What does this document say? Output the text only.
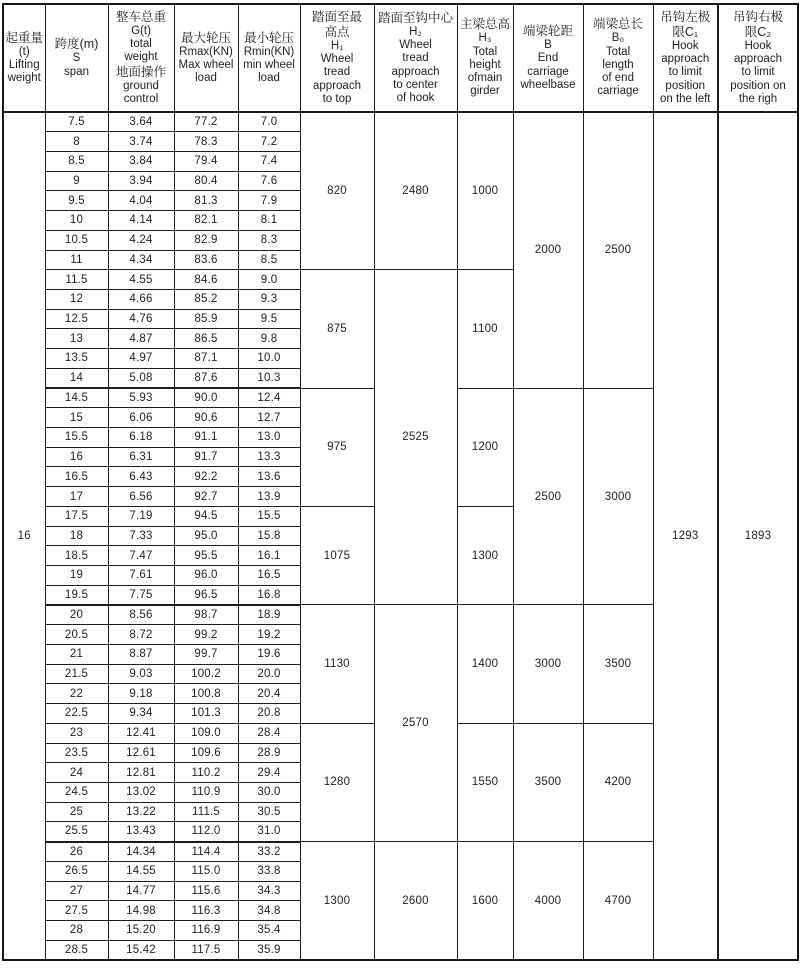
起重量
(t)
Lifting
weight

跨度(m)
S
span

整车总重
G(t)
total
weight
地面操作
ground
control

最大轮压
Rmax(KN)
Max wheel
load

最小轮压
Rmin(KN)
min wheel
load

踏面至最
高点
H₁
Wheel
tread
approach
to top

踏面至钩中心
H₂
Wheel
tread
approach
to center
of hook

主梁总高
H₃
Total
height
ofmain
girder

端梁轮距
B
End
carriage
wheelbase

端梁总长
B₀
Total
length
of end
carriage

吊钩左极
限C₁
Hook
approach
to limit
position
on the left

吊钩右极
限C₂
Hook
approach
to limit
position on
the righ

16	7.5	3.64	77.2	7.0	820	2480	1000	2000	2500	1293	1893
	8	3.74	78.3	7.2							
	8.5	3.84	79.4	7.4							
	9	3.94	80.4	7.6							
	9.5	4.04	81.3	7.9							
	10	4.14	82.1	8.1							
	10.5	4.24	82.9	8.3							
	11	4.34	83.6	8.5							
	11.5	4.55	84.6	9.0	875	2525	1100				
	12	4.66	85.2	9.3							
	12.5	4.76	85.9	9.5							
	13	4.87	86.5	9.8							
	13.5	4.97	87.1	10.0							
	14	5.08	87.6	10.3							
	14.5	5.93	90.0	12.4	975		1200	2500	3000		
	15	6.06	90.6	12.7							
	15.5	6.18	91.1	13.0							
	16	6.31	91.7	13.3							
	16.5	6.43	92.2	13.6							
	17	6.56	92.7	13.9							
	17.5	7.19	94.5	15.5	1075		1300				
	18	7.33	95.0	15.8							
	18.5	7.47	95.5	16.1							
	19	7.61	96.0	16.5							
	19.5	7.75	96.5	16.8							
	20	8.56	98.7	18.9	1130	2570	1400	3000	3500		
	20.5	8.72	99.2	19.2							
	21	8.87	99.7	19.6							
	21.5	9.03	100.2	20.0							
	22	9.18	100.8	20.4							
	22.5	9.34	101.3	20.8							
	23	12.41	109.0	28.4	1280		1550	3500	4200		
	23.5	12.61	109.6	28.9							
	24	12.81	110.2	29.4							
	24.5	13.02	110.9	30.0							
	25	13.22	111.5	30.5							
	25.5	13.43	112.0	31.0							
	26	14.34	114.4	33.2	1300	2600	1600	4000	4700		
	26.5	14.55	115.0	33.8							
	27	14.77	115.6	34.3							
	27.5	14.98	116.3	34.8							
	28	15.20	116.9	35.4							
	28.5	15.42	117.5	35.9							
